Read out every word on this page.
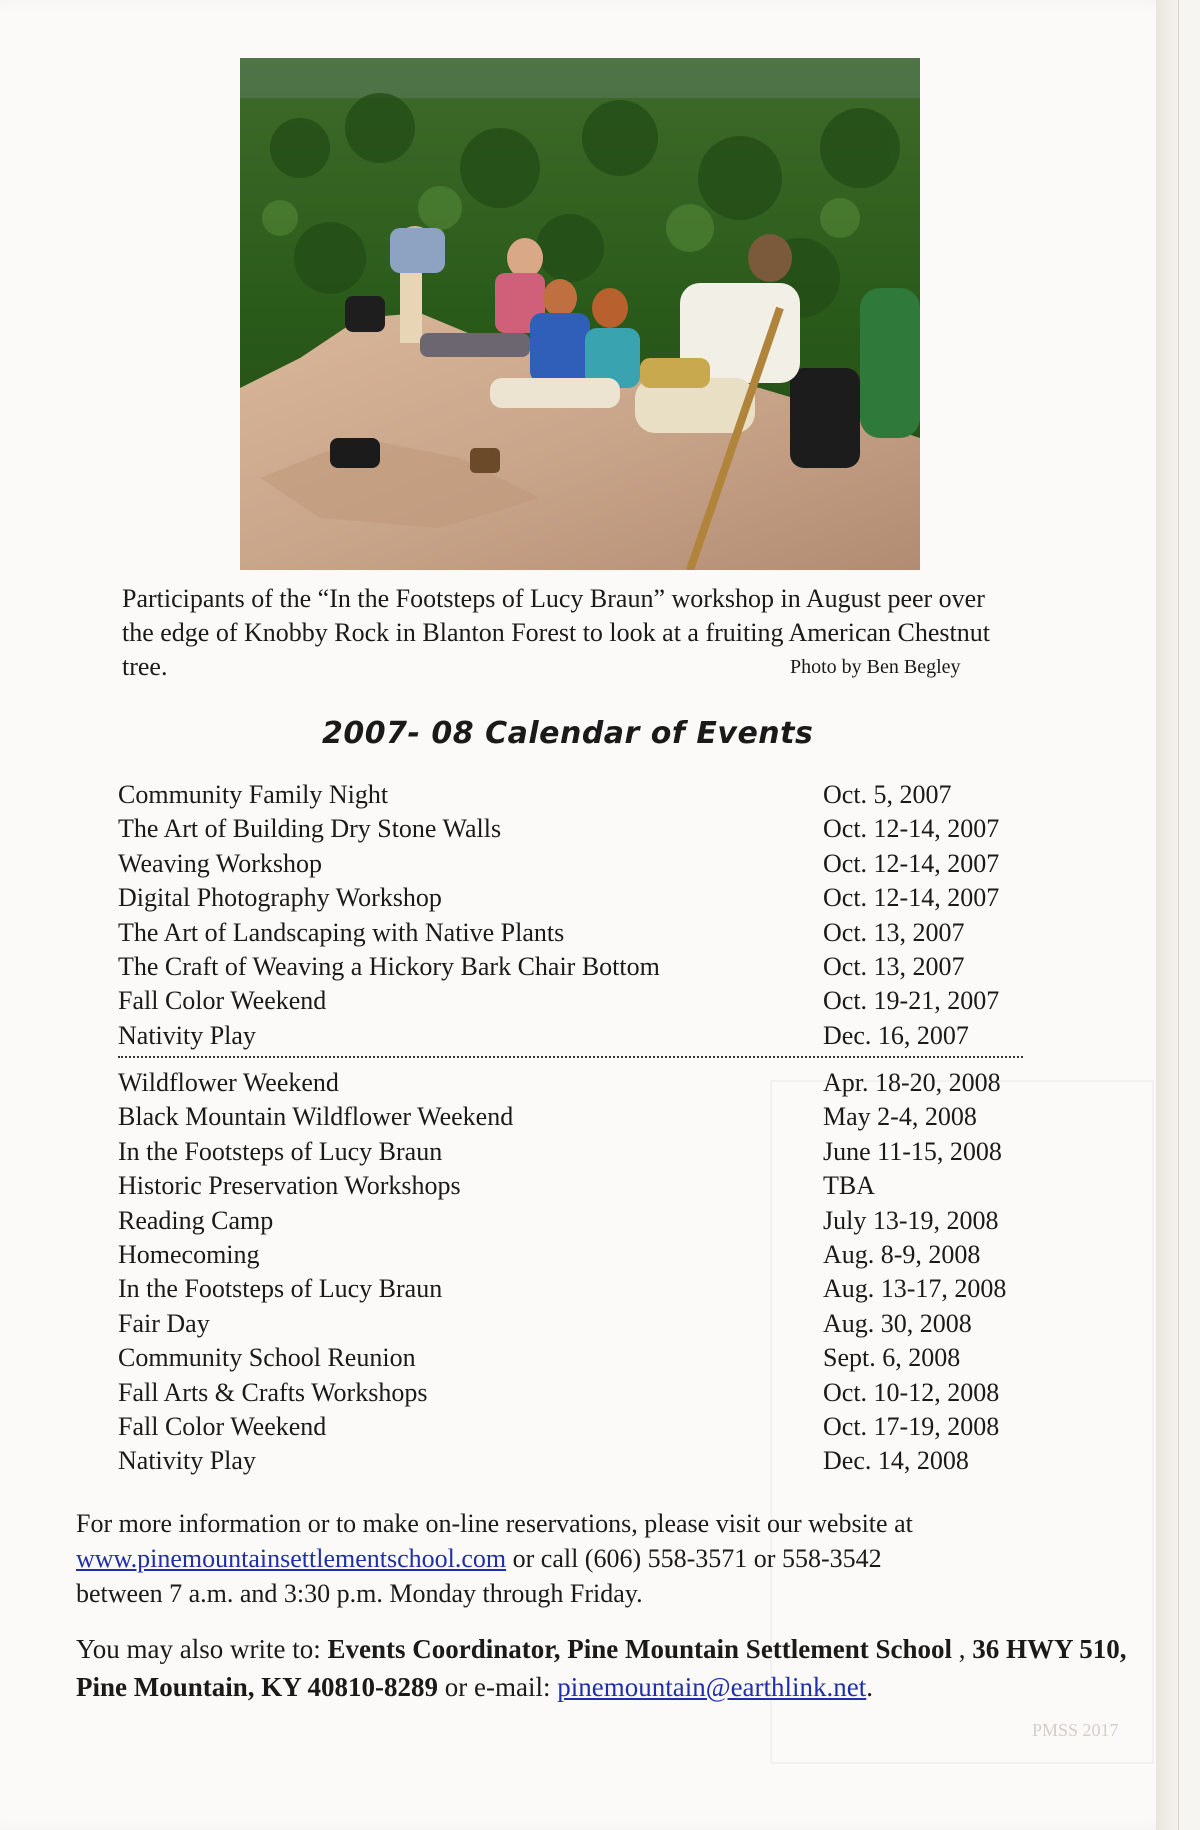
Participants of the “In the Footsteps of Lucy Braun” workshop in August peer over the edge of Knobby Rock in Blanton Forest to look at a fruiting American Chestnut tree.	Photo by Ben Begley
2007- 08 Calendar of Events
Community Family Night	Oct. 5, 2007
The Art of Building Dry Stone Walls	Oct. 12-14, 2007
Weaving Workshop	Oct. 12-14, 2007
Digital Photography Workshop	Oct. 12-14, 2007
The Art of Landscaping with Native Plants	Oct. 13, 2007
The Craft of Weaving a Hickory Bark Chair Bottom	Oct. 13, 2007
Fall Color Weekend	Oct. 19-21, 2007
Nativity Play	Dec. 16, 2007
Wildflower Weekend	Apr. 18-20, 2008
Black Mountain Wildflower Weekend	May 2-4, 2008
In the Footsteps of Lucy Braun	June 11-15, 2008
Historic Preservation Workshops	TBA
Reading Camp	July 13-19, 2008
Homecoming	Aug. 8-9, 2008
In the Footsteps of Lucy Braun	Aug. 13-17, 2008
Fair Day	Aug. 30, 2008
Community School Reunion	Sept. 6, 2008
Fall Arts & Crafts Workshops	Oct. 10-12, 2008
Fall Color Weekend	Oct. 17-19, 2008
Nativity Play	Dec. 14, 2008
For more information or to make on-line reservations, please visit our website at
www.pinemountainsettlementschool.com or call (606) 558-3571 or 558-3542
between 7 a.m. and 3:30 p.m. Monday through Friday.
You may also write to: Events Coordinator, Pine Mountain Settlement School , 36 HWY 510, Pine Mountain, KY 40810-8289 or e-mail: pinemountain@earthlink.net.
PMSS 2017
